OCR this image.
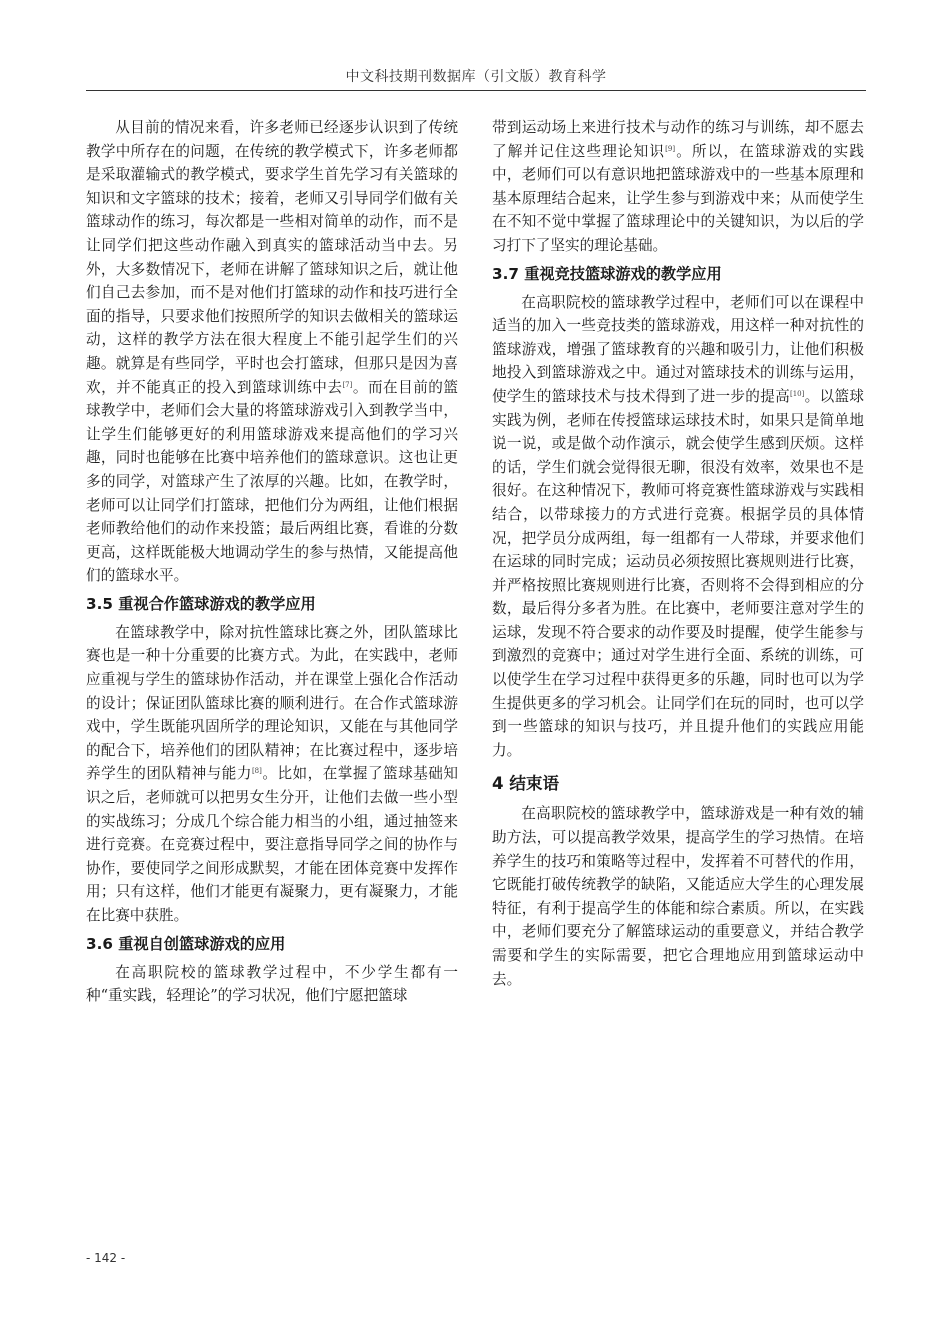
中文科技期刊数据库（引文版）教育科学

从目前的情况来看，许多老师已经逐步认识到了传统教学中所存在的问题，在传统的教学模式下，许多老师都是采取灌输式的教学模式，要求学生首先学习有关篮球的知识和文字篮球的技术；接着，老师又引导同学们做有关篮球动作的练习，每次都是一些相对简单的动作，而不是让同学们把这些动作融入到真实的篮球活动当中去。另外，大多数情况下，老师在讲解了篮球知识之后，就让他们自己去参加，而不是对他们打篮球的动作和技巧进行全面的指导，只要求他们按照所学的知识去做相关的篮球运动，这样的教学方法在很大程度上不能引起学生们的兴趣。就算是有些同学，平时也会打篮球，但那只是因为喜欢，并不能真正的投入到篮球训练中去[7]。而在目前的篮球教学中，老师们会大量的将篮球游戏引入到教学当中，让学生们能够更好的利用篮球游戏来提高他们的学习兴趣，同时也能够在比赛中培养他们的篮球意识。这也让更多的同学，对篮球产生了浓厚的兴趣。比如，在教学时，老师可以让同学们打篮球，把他们分为两组，让他们根据老师教给他们的动作来投篮；最后两组比赛，看谁的分数更高，这样既能极大地调动学生的参与热情，又能提高他们的篮球水平。

3.5 重视合作篮球游戏的教学应用

在篮球教学中，除对抗性篮球比赛之外，团队篮球比赛也是一种十分重要的比赛方式。为此，在实践中，老师应重视与学生的篮球协作活动，并在课堂上强化合作活动的设计；保证团队篮球比赛的顺利进行。在合作式篮球游戏中，学生既能巩固所学的理论知识，又能在与其他同学的配合下，培养他们的团队精神；在比赛过程中，逐步培养学生的团队精神与能力[8]。比如，在掌握了篮球基础知识之后，老师就可以把男女生分开，让他们去做一些小型的实战练习；分成几个综合能力相当的小组，通过抽签来进行竞赛。在竞赛过程中，要注意指导同学之间的协作与协作，要使同学之间形成默契，才能在团体竞赛中发挥作用；只有这样，他们才能更有凝聚力，更有凝聚力，才能在比赛中获胜。

3.6 重视自创篮球游戏的应用

在高职院校的篮球教学过程中，不少学生都有一种“重实践，轻理论”的学习状况，他们宁愿把篮球

带到运动场上来进行技术与动作的练习与训练，却不愿去了解并记住这些理论知识[9]。所以，在篮球游戏的实践中，老师们可以有意识地把篮球游戏中的一些基本原理和基本原理结合起来，让学生参与到游戏中来；从而使学生在不知不觉中掌握了篮球理论中的关键知识，为以后的学习打下了坚实的理论基础。

3.7 重视竞技篮球游戏的教学应用

在高职院校的篮球教学过程中，老师们可以在课程中适当的加入一些竞技类的篮球游戏，用这样一种对抗性的篮球游戏，增强了篮球教育的兴趣和吸引力，让他们积极地投入到篮球游戏之中。通过对篮球技术的训练与运用，使学生的篮球技术与技术得到了进一步的提高[10]。以篮球实践为例，老师在传授篮球运球技术时，如果只是简单地说一说，或是做个动作演示，就会使学生感到厌烦。这样的话，学生们就会觉得很无聊，很没有效率，效果也不是很好。在这种情况下，教师可将竞赛性篮球游戏与实践相结合，以带球接力的方式进行竞赛。根据学员的具体情况，把学员分成两组，每一组都有一人带球，并要求他们在运球的同时完成；运动员必须按照比赛规则进行比赛，并严格按照比赛规则进行比赛，否则将不会得到相应的分数，最后得分多者为胜。在比赛中，老师要注意对学生的运球，发现不符合要求的动作要及时提醒，使学生能参与到激烈的竞赛中；通过对学生进行全面、系统的训练，可以使学生在学习过程中获得更多的乐趣，同时也可以为学生提供更多的学习机会。让同学们在玩的同时，也可以学到一些篮球的知识与技巧，并且提升他们的实践应用能力。

4 结束语

在高职院校的篮球教学中，篮球游戏是一种有效的辅助方法，可以提高教学效果，提高学生的学习热情。在培养学生的技巧和策略等过程中，发挥着不可替代的作用，它既能打破传统教学的缺陷，又能适应大学生的心理发展特征，有利于提高学生的体能和综合素质。所以，在实践中，老师们要充分了解篮球运动的重要意义，并结合教学需要和学生的实际需要，把它合理地应用到篮球运动中去。

- 142 -
